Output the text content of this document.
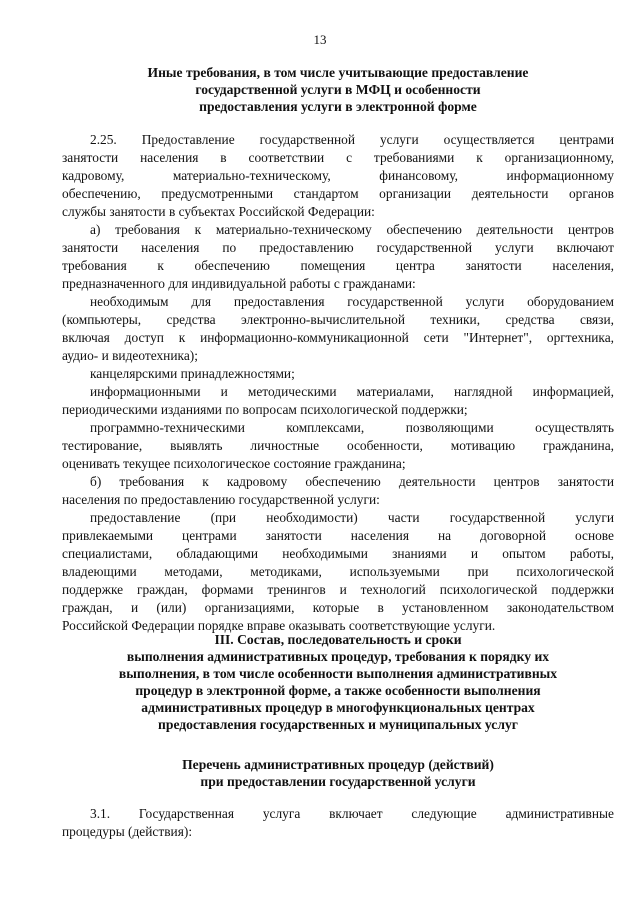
13
Иные требования, в том числе учитывающие предоставление
государственной услуги в МФЦ и особенности
предоставления услуги в электронной форме
2.25. Предоставление государственной услуги осуществляется центрами
занятости населения в соответствии с требованиями к организационному,
кадровому, материально-техническому, финансовому, информационному
обеспечению, предусмотренными стандартом организации деятельности органов
службы занятости в субъектах Российской Федерации:
а) требования к материально-техническому обеспечению деятельности центров
занятости населения по предоставлению государственной услуги включают
требования к обеспечению помещения центра занятости населения,
предназначенного для индивидуальной работы с гражданами:
необходимым для предоставления государственной услуги оборудованием
(компьютеры, средства электронно-вычислительной техники, средства связи,
включая доступ к информационно-коммуникационной сети "Интернет", оргтехника,
аудио- и видеотехника);
канцелярскими принадлежностями;
информационными и методическими материалами, наглядной информацией,
периодическими изданиями по вопросам психологической поддержки;
программно-техническими комплексами, позволяющими осуществлять
тестирование, выявлять личностные особенности, мотивацию гражданина,
оценивать текущее психологическое состояние гражданина;
б) требования к кадровому обеспечению деятельности центров занятости
населения по предоставлению государственной услуги:
предоставление (при необходимости) части государственной услуги
привлекаемыми центрами занятости населения на договорной основе
специалистами, обладающими необходимыми знаниями и опытом работы,
владеющими методами, методиками, используемыми при психологической
поддержке граждан, формами тренингов и технологий психологической поддержки
граждан, и (или) организациями, которые в установленном законодательством
Российской Федерации порядке вправе оказывать соответствующие услуги.
III. Состав, последовательность и сроки
выполнения административных процедур, требования к порядку их
выполнения, в том числе особенности выполнения административных
процедур в электронной форме, а также особенности выполнения
административных процедур в многофункциональных центрах
предоставления государственных и муниципальных услуг
Перечень административных процедур (действий)
при предоставлении государственной услуги
3.1. Государственная услуга включает следующие административные
процедуры (действия):
